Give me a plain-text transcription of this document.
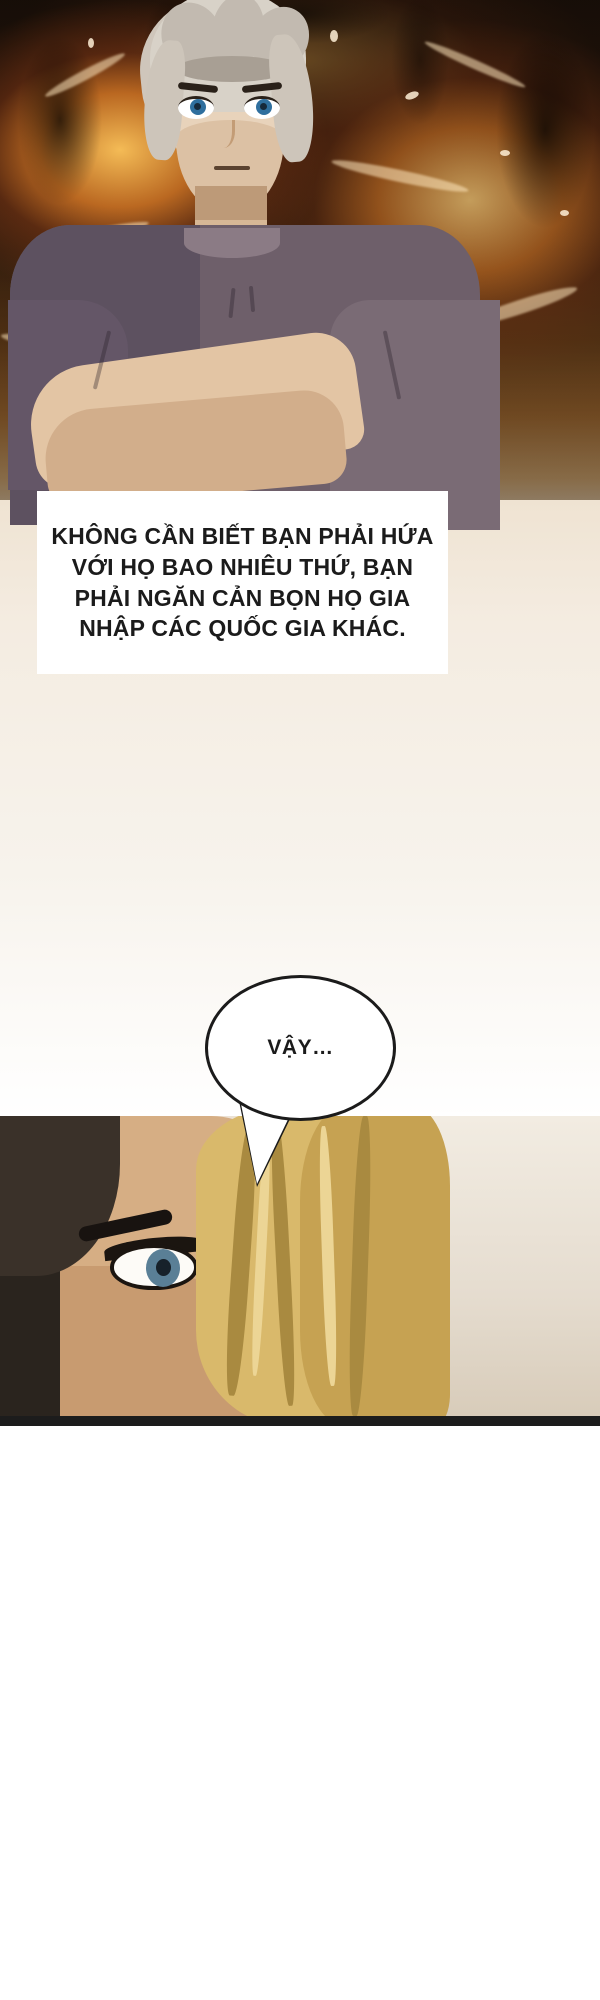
KHÔNG CẦN BIẾT BẠN PHẢI HỨA VỚI HỌ BAO NHIÊU THỨ, BẠN PHẢI NGĂN CẢN BỌN HỌ GIA NHẬP CÁC QUỐC GIA KHÁC.
VẬY…
